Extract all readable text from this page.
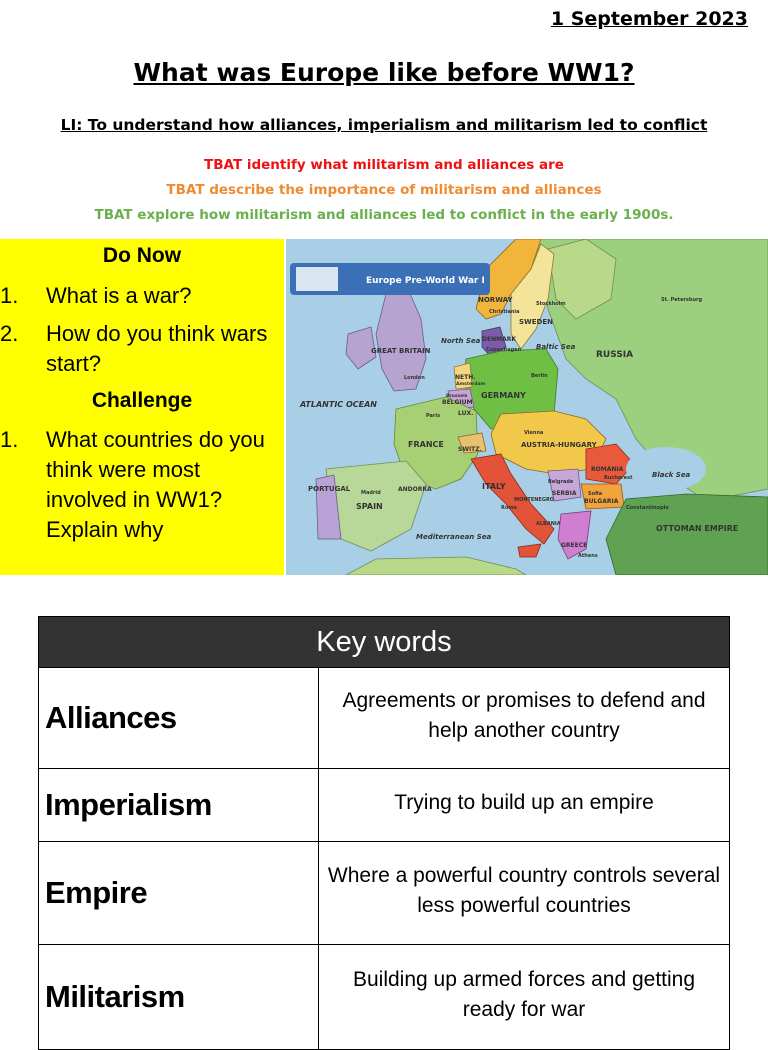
1 September 2023
What was Europe like before WW1?
LI: To understand how alliances, imperialism and militarism led to conflict
TBAT identify what militarism and alliances are
TBAT describe the importance of militarism and alliances
TBAT explore how militarism and alliances led to conflict in the early 1900s.
Do Now
1. What is a war?
2. How do you think wars start?
Challenge
1. What countries do you think were most involved in WW1? Explain why
Europe Pre-World War I
NORWAY
SWEDEN
RUSSIA
GREAT BRITAIN
North Sea
Baltic Sea
DENMARK
GERMANY
NETH.
BELGIUM
LUX.
ATLANTIC OCEAN
FRANCE
SWITZ.
AUSTRIA-HUNGARY
ROMANIA
PORTUGAL	ANDORRA
SPAIN
ITALY
SERBIA
BULGARIA
MONTENEGRO
ALBANIA
Black Sea
OTTOMAN EMPIRE
GREECE
Mediterranean Sea
London
Paris
Berlin
Vienna
Rome
Madrid
St. Petersburg
Stockholm
Christiania
Copenhagen
Constantinople
Athens
Bucharest
Belgrade
Sofia
Amsterdam
Brussels
Key words	
Alliances	Agreements or promises to defend and help another country
Imperialism	Trying to build up an empire
Empire	Where a powerful country controls several less powerful countries
Militarism	Building up armed forces and getting ready for war
